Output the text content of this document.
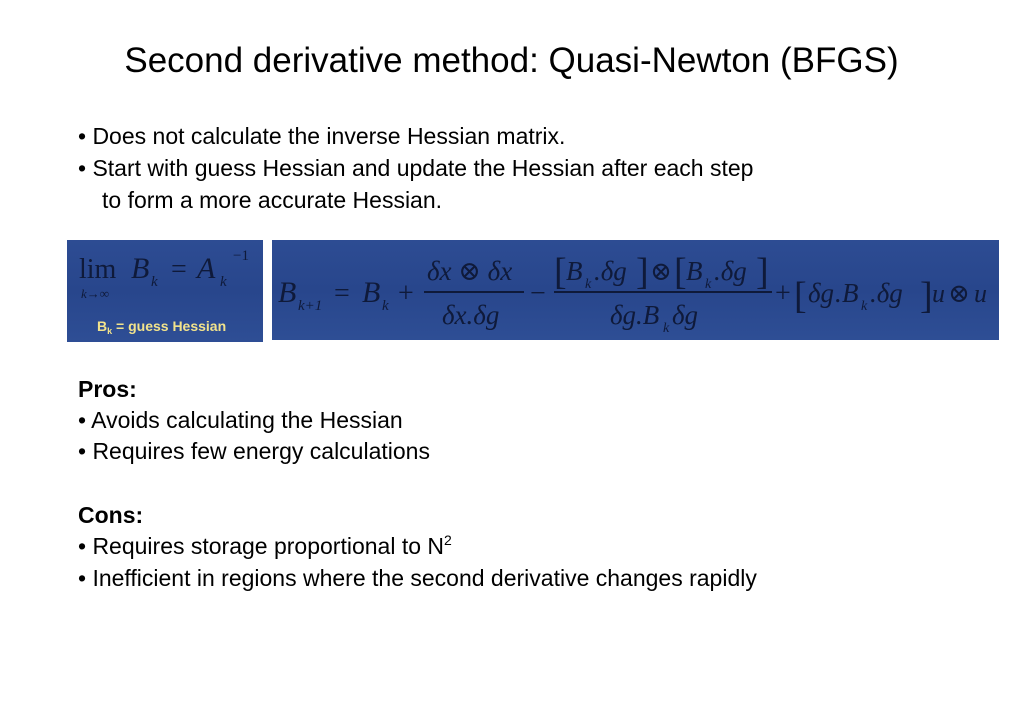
Second derivative method: Quasi-Newton (BFGS)
• Does not calculate the inverse Hessian matrix.
• Start with guess Hessian and update the Hessian after each step
to form a more accurate Hessian.
lim
k→∞
B k = A k
−1
$B_k$ = guess Hessian
B k+1 = B k +
δx ⊗ δx
δx.δg
−
[ B k .δg ] ⊗ [ B k .δg ]
δg.B k δg
+ [ δg . B k .δg ] u ⊗ u
Pros:
• Avoids calculating the Hessian
• Requires few energy calculations
Cons:
• Requires storage proportional to $N^2$
• Inefficient in regions where the second derivative changes rapidly
